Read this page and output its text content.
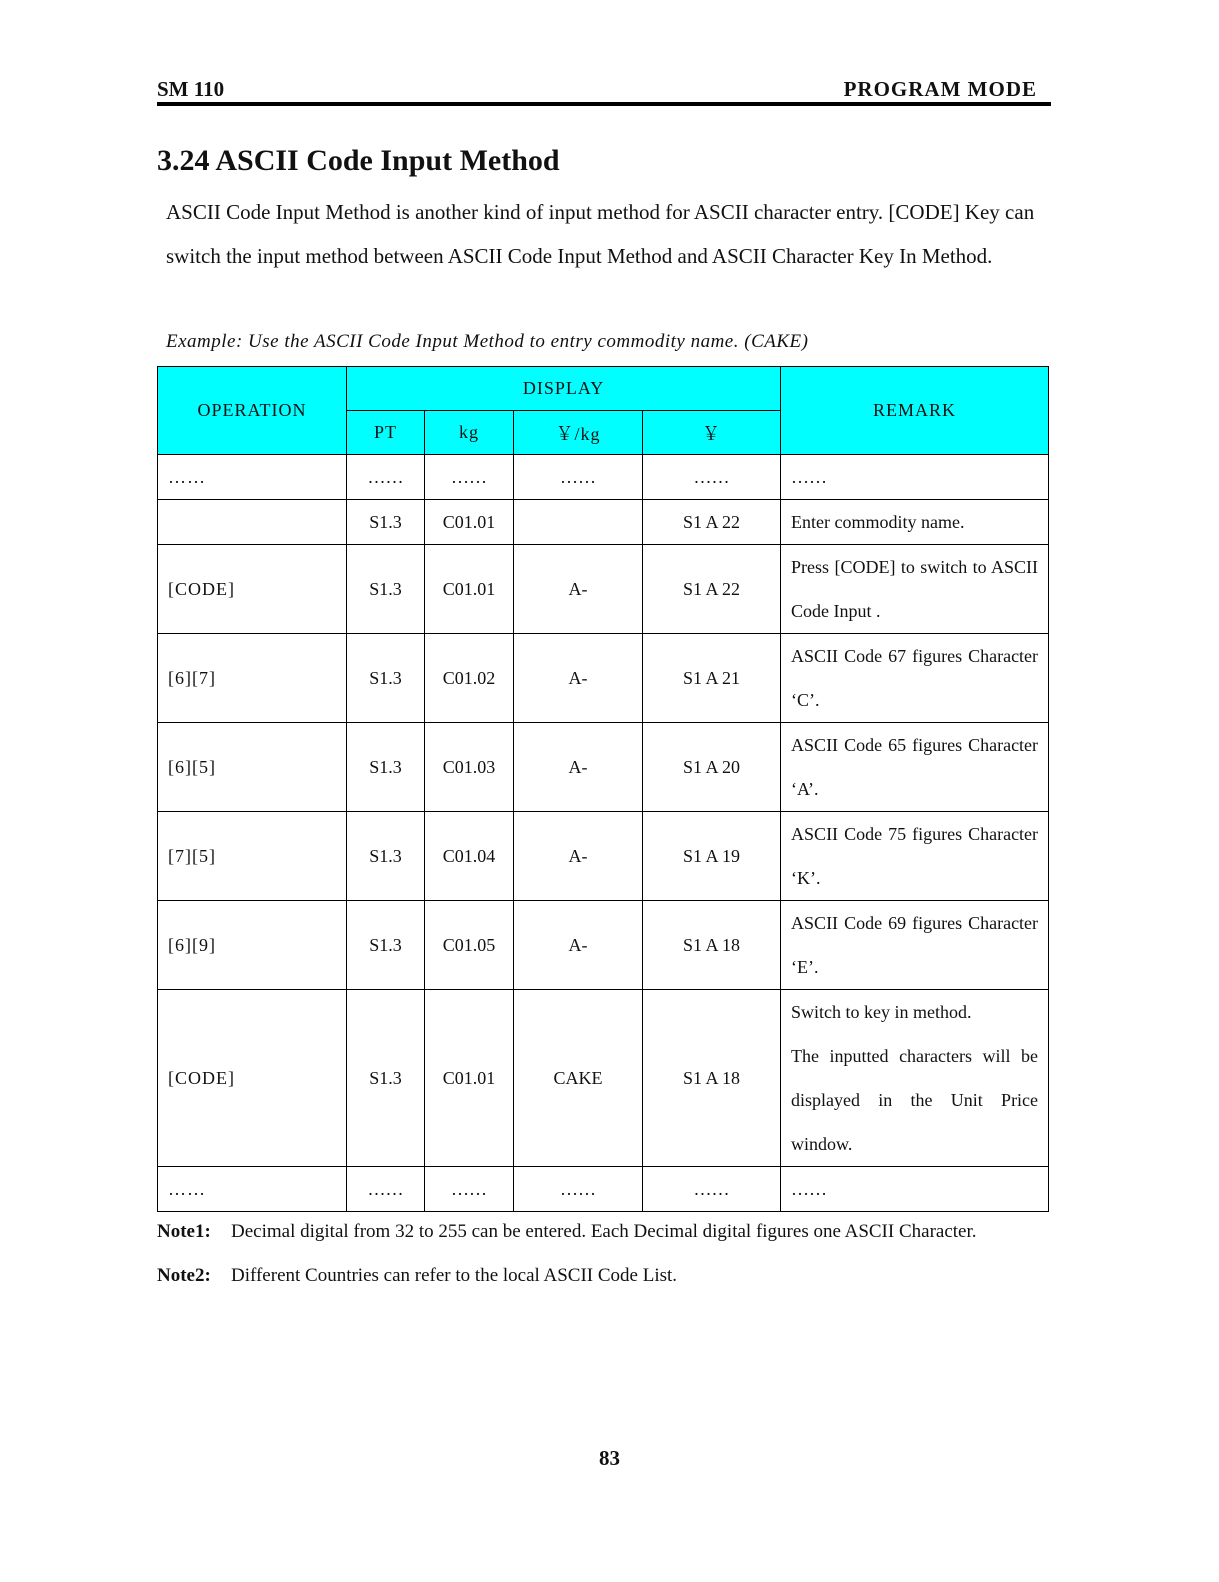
SM 110	PROGRAM MODE
3.24 ASCII Code Input Method

ASCII Code Input Method is another kind of input method for ASCII character entry. [CODE] Key can switch the input method between ASCII Code Input Method and ASCII Character Key In Method.

Example: Use the ASCII Code Input Method to entry commodity name. (CAKE)

OPERATION	DISPLAY				REMARK
	PT	kg	￥/kg	￥	
……	……	……	……	……	……
	S1.3	C01.01		S1 A 22	Enter commodity name.
[CODE]	S1.3	C01.01	A-	S1 A 22	Press [CODE] to switch to ASCII Code Input .
[6][7]	S1.3	C01.02	A-	S1 A 21	ASCII Code 67 figures Character ‘C’.
[6][5]	S1.3	C01.03	A-	S1 A 20	ASCII Code 65 figures Character ‘A’.
[7][5]	S1.3	C01.04	A-	S1 A 19	ASCII Code 75 figures Character ‘K’.
[6][9]	S1.3	C01.05	A-	S1 A 18	ASCII Code 69 figures Character ‘E’.
[CODE]	S1.3	C01.01	CAKE	S1 A 18	Switch to key in method.
The inputted characters will be displayed in the Unit Price window.

……	……	……	……	……	……
Note1: Decimal digital from 32 to 255 can be entered. Each Decimal digital figures one ASCII Character.
Note2: Different Countries can refer to the local ASCII Code List.
83
